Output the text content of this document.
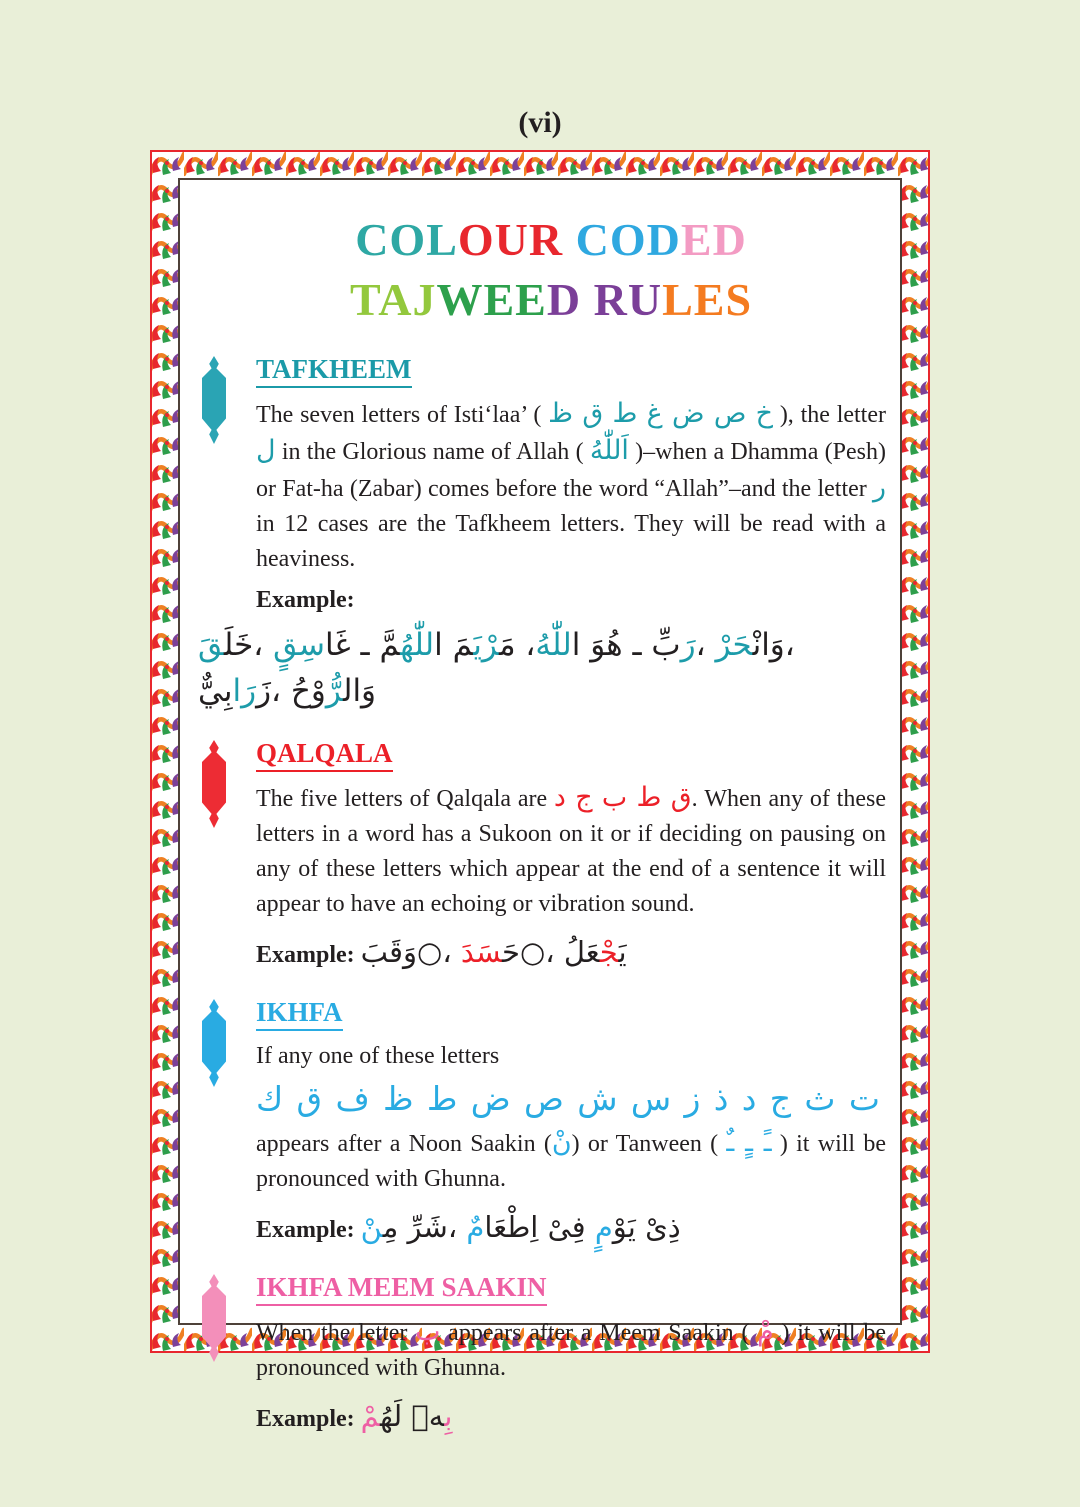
(vi)
COLOUR CODED
TAJWEED RULES
TAFKHEEM

The seven letters of Isti‘laa’ ( خ ص ض غ ط ق ظ ), the letter ل in the Glorious name of Allah ( اَللّٰهُ )–when a Dhamma (Pesh) or Fat-ha (Zabar) comes before the word “Allah”–and the letter ر in 12 cases are the Tafkheem letters. They will be read with a heaviness.

Example:

خَلَقَ ، غَاسِقٍ ـ هُوَ اللّٰهُ، مَرْيَمَ اللّٰهُمَّ ـ رَبِّ ، وَانْحَرْ ، زَرَابِيٌّ ، وَالرُّوْحُ
QALQALA

The five letters of Qalqala are ق ط ب ج د. When any of these letters in a word has a Sukoon on it or if deciding on pausing on any of these letters which appear at the end of a sentence it will appear to have an echoing or vibration sound.

Example: وَقَبَ○، حَسَدَ ○، يَجْعَلُ

IKHFA

If any one of these letters

ت
ث
ج
د
ذ
ز
س
ش
ص
ض
ط
ظ
ف
ق
ك

appears after a Noon Saakin (نْ) or Tanween ( ـً ـٍ ـٌ ) it will be pronounced with Ghunna.

Example: مِنْ شَرِّ، اِطْعَامٌ فِىْ يَوْمٍ ذِىْ

IKHFA MEEM SAAKIN

When the letter ب appears after a Meem Saakin ( مْ ) it will be pronounced with Ghunna.

Example: لَهُمْ بِهٖ
